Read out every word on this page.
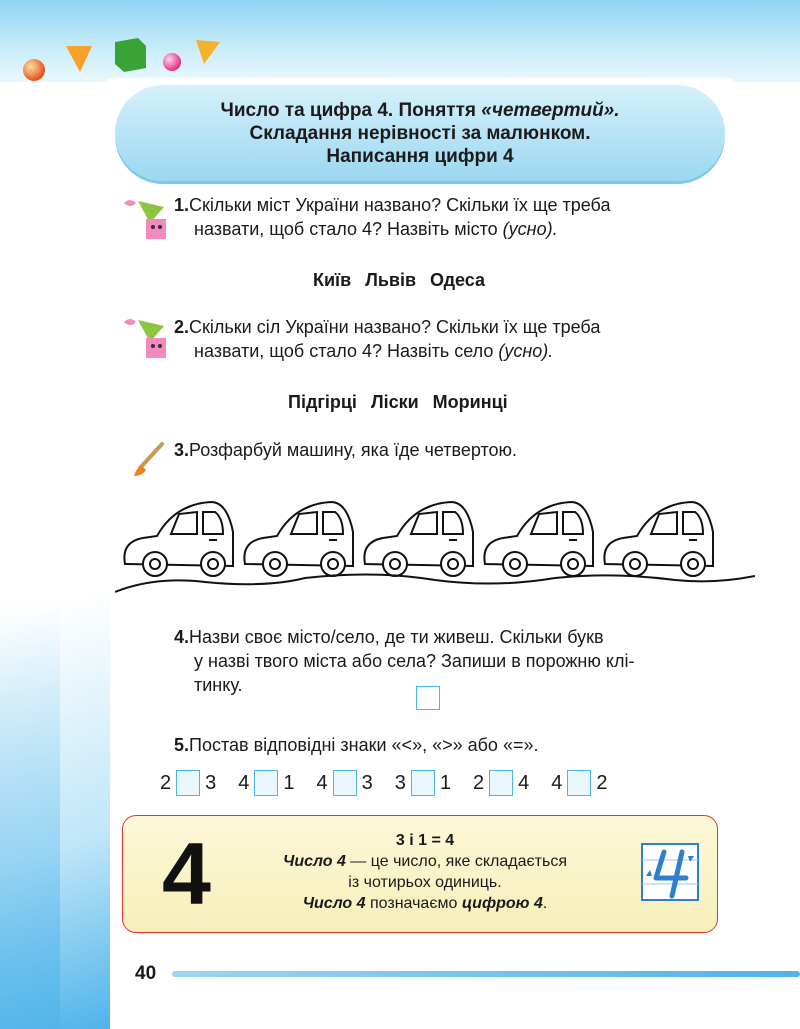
Число та цифра 4. Поняття «четвертий».
Складання нерівності за малюнком.
Написання цифри 4
1.Скільки міст України названо? Скільки їх ще треба
назвати, щоб стало 4? Назвіть місто (усно).
Київ Львів Одеса
2.Скільки сіл України названо? Скільки їх ще треба
назвати, щоб стало 4? Назвіть село (усно).
Підгірці Ліски Моринці
3.Розфарбуй машину, яка їде четвертою.
4.Назви своє місто/село, де ти живеш. Скільки букв
у назві твого міста або села? Запиши в порожню клі-
тинку.
5.Постав відповідні знаки «<», «>» або «=».
2 3 4 1 4 3 3 1 2 4 4 2
4	3 і 1 = 4
Число 4 — це число, яке складається
із чотирьох одиниць.
Число 4 позначаємо цифрою 4.
40
